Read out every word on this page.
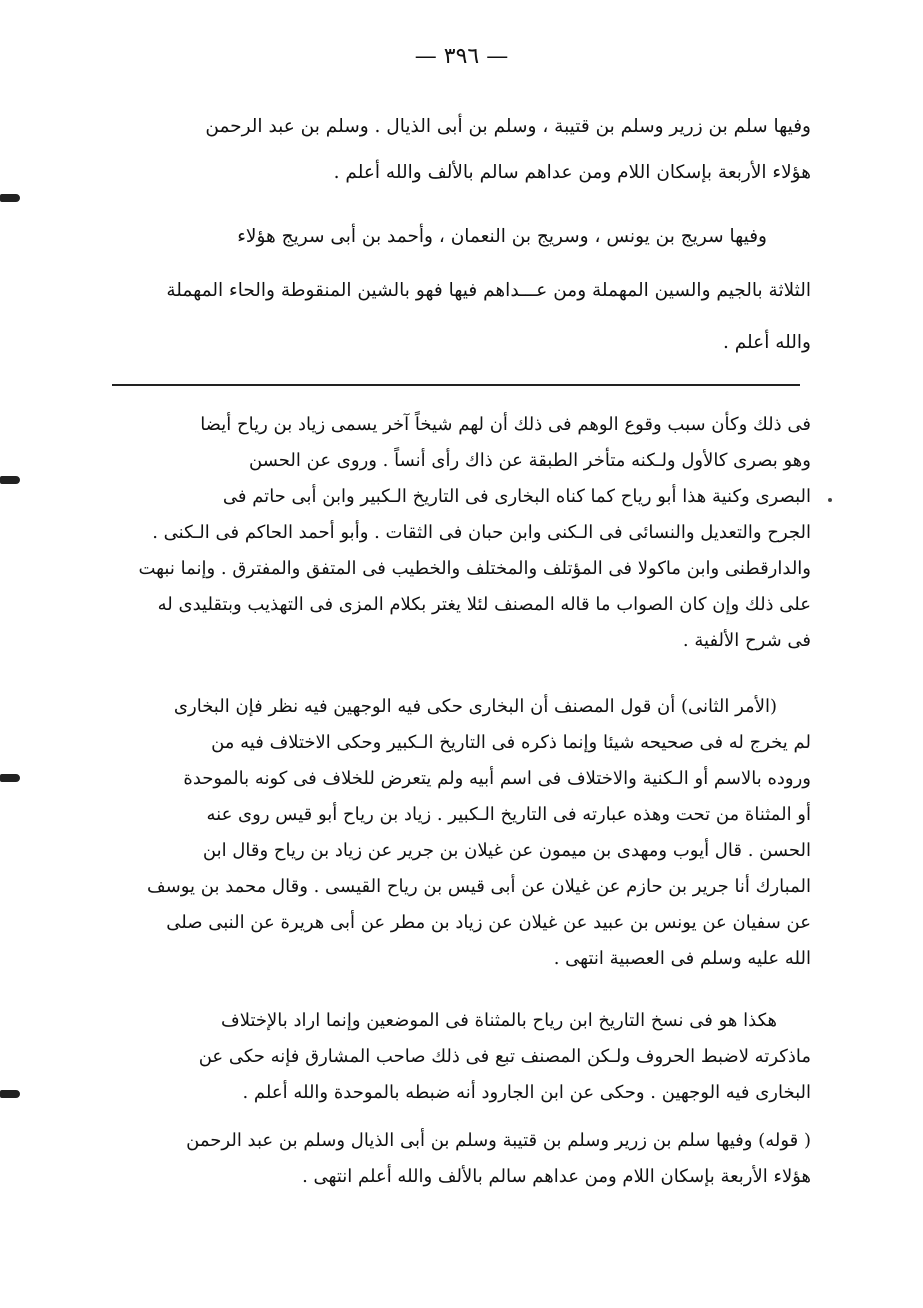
— ٣٩٦ —
وفيها سلم بن زرير وسلم بن قتيبة ، وسلم بن أبى الذيال . وسلم بن عبد الرحمن
هؤلاء الأربعة بإسكان اللام ومن عداهم سالم بالألف والله أعلم .
وفيها سريج بن يونس ، وسريج بن النعمان ، وأحمد بن أبى سريج هؤلاء
الثلاثة بالجيم والسين المهملة ومن عـــداهم فيها فهو بالشين المنقوطة والحاء المهملة
والله أعلم .
فى ذلك وكأن سبب وقوع الوهم فى ذلك أن لهم شيخاً آخر يسمى زياد بن رياح أيضا
وهو بصرى كالأول ولـكنه متأخر الطبقة عن ذاك رأى أنساً . وروى عن الحسن
البصرى وكنية هذا أبو رياح كما كناه البخارى فى التاريخ الـكبير وابن أبى حاتم فى
الجرح والتعديل والنسائى فى الـكنى وابن حبان فى الثقات . وأبو أحمد الحاكم فى الـكنى .
والدارقطنى وابن ماكولا فى المؤتلف والمختلف والخطيب فى المتفق والمفترق . وإنما نبهت
على ذلك وإن كان الصواب ما قاله المصنف لئلا يغتر بكلام المزى فى التهذيب وبتقليدى له
فى شرح الألفية .
(الأمر الثانى) أن قول المصنف أن البخارى حكى فيه الوجهين فيه نظر فإن البخارى
لم يخرج له فى صحيحه شيئا وإنما ذكره فى التاريخ الـكبير وحكى الاختلاف فيه من
وروده بالاسم أو الـكنية والاختلاف فى اسم أبيه ولم يتعرض للخلاف فى كونه بالموحدة
أو المثناة من تحت وهذه عبارته فى التاريخ الـكبير . زياد بن رياح أبو قيس روى عنه
الحسن . قال أيوب ومهدى بن ميمون عن غيلان بن جرير عن زياد بن رياح وقال ابن
المبارك أنا جرير بن حازم عن غيلان عن أبى قيس بن رياح القيسى . وقال محمد بن يوسف
عن سفيان عن يونس بن عبيد عن غيلان عن زياد بن مطر عن أبى هريرة عن النبى صلى
الله عليه وسلم فى العصبية انتهى .
هكذا هو فى نسخ التاريخ ابن رياح بالمثناة فى الموضعين وإنما اراد بالإختلاف
ماذكرته لاضبط الحروف ولـكن المصنف تبع فى ذلك صاحب المشارق فإنه حكى عن
البخارى فيه الوجهين . وحكى عن ابن الجارود أنه ضبطه بالموحدة والله أعلم .
( قوله) وفيها سلم بن زرير وسلم بن قتيبة وسلم بن أبى الذيال وسلم بن عبد الرحمن
هؤلاء الأربعة بإسكان اللام ومن عداهم سالم بالألف والله أعلم انتهى .
